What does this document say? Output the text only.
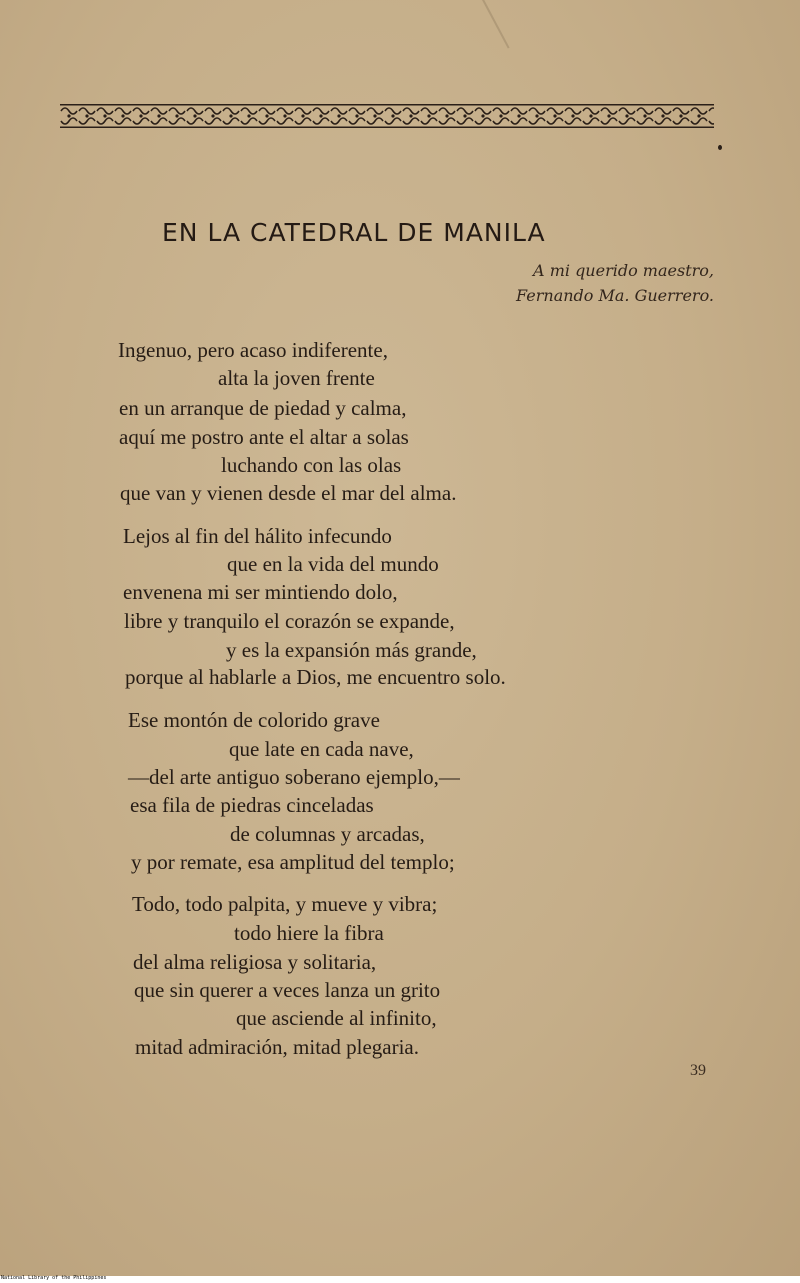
EN LA CATEDRAL DE MANILA
A mi querido maestro,
Fernando Ma. Guerrero.
Ingenuo, pero acaso indiferente,
alta la joven frente
en un arranque de piedad y calma,
aquí me postro ante el altar a solas
luchando con las olas
que van y vienen desde el mar del alma.
Lejos al fin del hálito infecundo
que en la vida del mundo
envenena mi ser mintiendo dolo,
libre y tranquilo el corazón se expande,
y es la expansión más grande,
porque al hablarle a Dios, me encuentro solo.
Ese montón de colorido grave
que late en cada nave,
—del arte antiguo soberano ejemplo,—
esa fila de piedras cinceladas
de columnas y arcadas,
y por remate, esa amplitud del templo;
Todo, todo palpita, y mueve y vibra;
todo hiere la fibra
del alma religiosa y solitaria,
que sin querer a veces lanza un grito
que asciende al infinito,
mitad admiración, mitad plegaria.
39
National Library of the Philippines
